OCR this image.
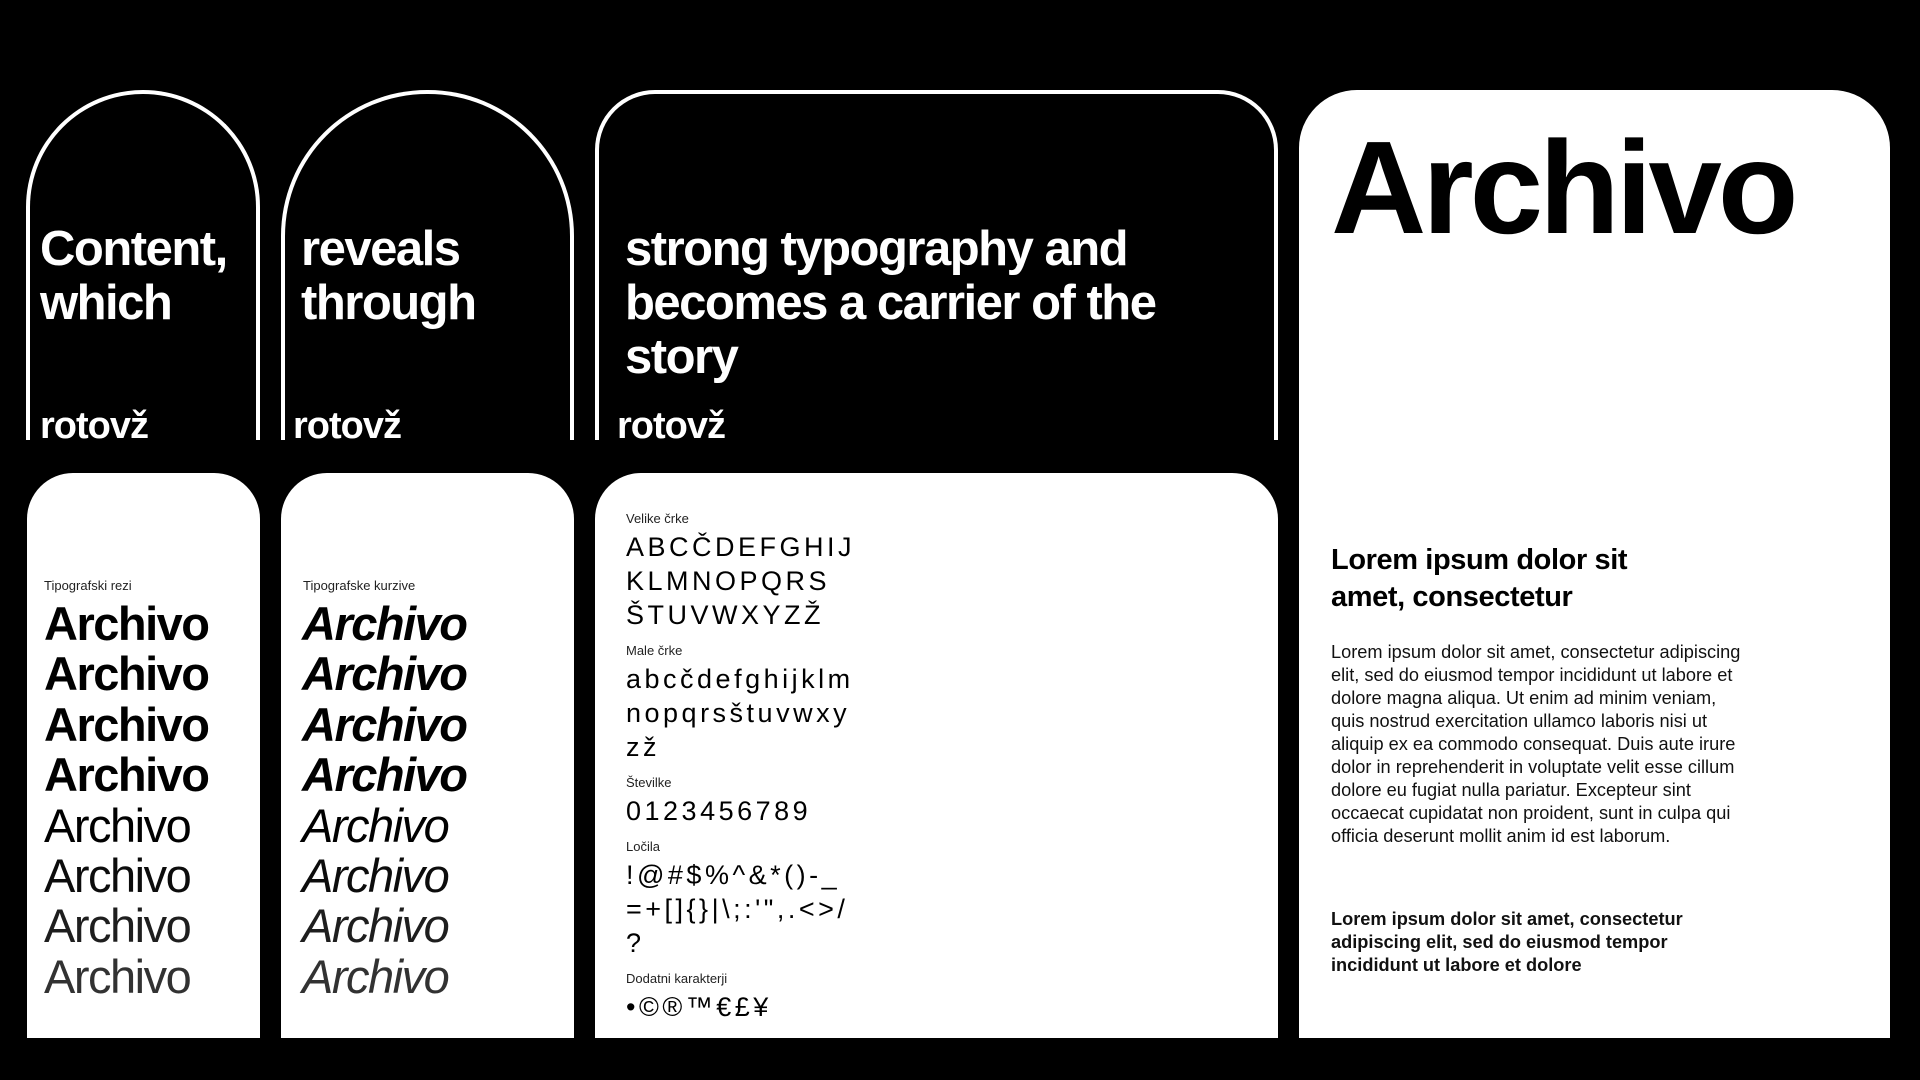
Content,
which
rotovž
reveals
through
rotovž
strong typography and
becomes a carrier of the
story
rotovž
Tipografski rezi
Archivo
Archivo
Archivo
Archivo
Archivo
Archivo
Archivo
Archivo
Tipografske kurzive
Archivo
Archivo
Archivo
Archivo
Archivo
Archivo
Archivo
Archivo

Velike črke

ABCČDEFGHIJ
KLMNOPQRS
ŠTUVWXYZŽ

Male črke

abcčdefghijklm
nopqrsštuvwxy
zž

Številke

0123456789

Ločila

!@#$%^&*()-_
=+[]{}|\;:'",.<>/
?

Dodatni karakterji

•©®™€£¥
Archivo
Lorem ipsum dolor sit
amet, consectetur

Lorem ipsum dolor sit amet, consectetur adipiscing elit, sed do eiusmod tempor incididunt ut labore et dolore magna aliqua. Ut enim ad minim veniam, quis nostrud exercitation ullamco laboris nisi ut aliquip ex ea commodo consequat. Duis aute irure dolor in reprehenderit in voluptate velit esse cillum dolore eu fugiat nulla pariatur. Excepteur sint occaecat cupidatat non proident, sunt in culpa qui officia deserunt mollit anim id est laborum.

Lorem ipsum dolor sit amet, consectetur adipiscing elit, sed do eiusmod tempor incididunt ut labore et dolore
